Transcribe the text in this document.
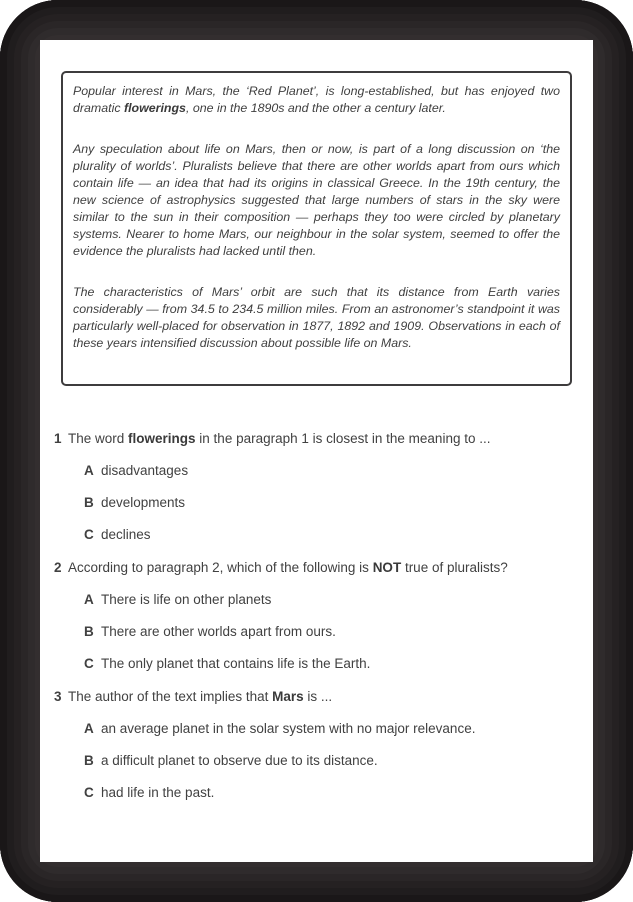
Popular interest in Mars, the ‘Red Planet’, is long-established, but has enjoyed two dramatic flowerings, one in the 1890s and the other a century later.

Any speculation about life on Mars, then or now, is part of a long discussion on ‘the plurality of worlds’. Pluralists believe that there are other worlds apart from ours which contain life — an idea that had its origins in classical Greece. In the 19th century, the new science of astrophysics suggested that large numbers of stars in the sky were similar to the sun in their composition — perhaps they too were circled by planetary systems. Nearer to home Mars, our neighbour in the solar system, seemed to offer the evidence the pluralists had lacked until then.

The characteristics of Mars’ orbit are such that its distance from Earth varies considerably — from 34.5 to 234.5 million miles. From an astronomer’s standpoint it was particularly well-placed for observation in 1877, 1892 and 1909. Observations in each of these years intensified discussion about possible life on Mars.

1 The word flowerings in the paragraph 1 is closest in the meaning to ...
A disadvantages
B developments
C declines
2 According to paragraph 2, which of the following is NOT true of pluralists?
A There is life on other planets
B There are other worlds apart from ours.
C The only planet that contains life is the Earth.
3 The author of the text implies that Mars is ...
A an average planet in the solar system with no major relevance.
B a difficult planet to observe due to its distance.
C had life in the past.
